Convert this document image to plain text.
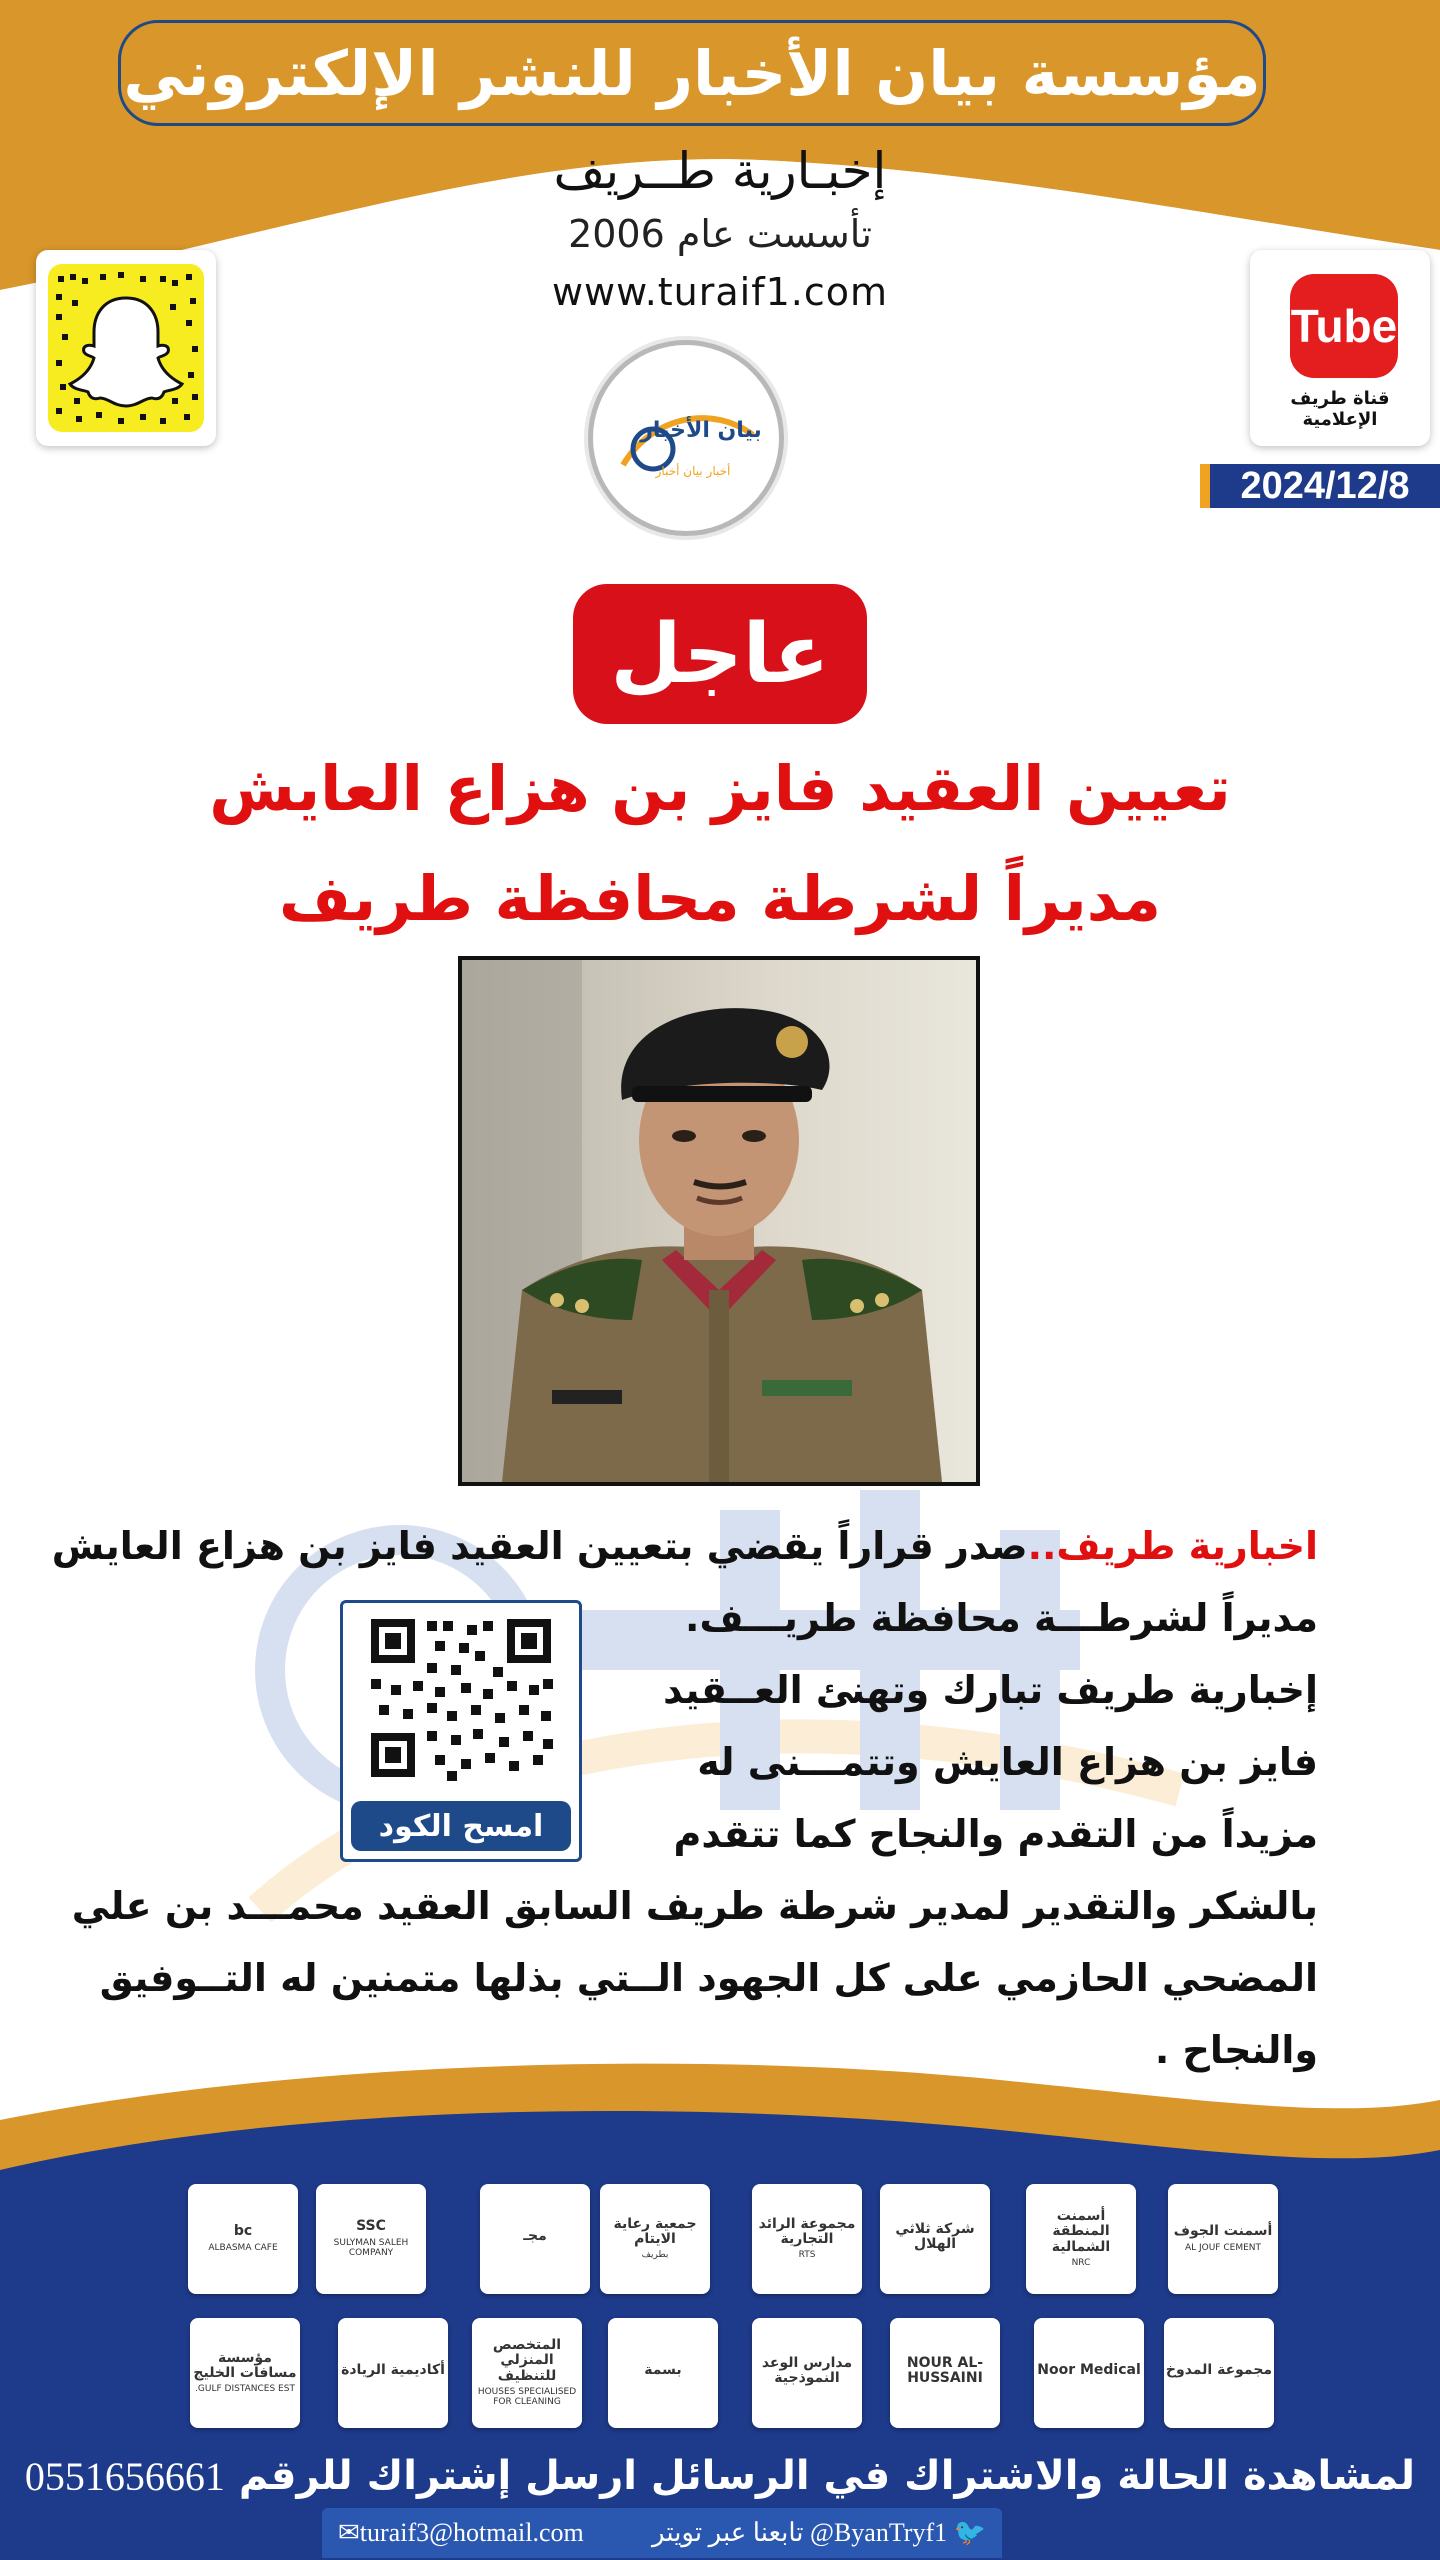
مؤسسة بيان الأخبار للنشر الإلكتروني
إخبـارية طــريف
تأسست عام 2006
www.turaif1.com
Tube
قناة طريف الإعلامية
بيان الأخبار
أخبار بيان أخبار	2024/12/8
عاجل
تعيين العقيد فايز بن هزاع العايش
مديراً لشرطة محافظة طريف
اخبارية طريف..صدر قراراً يقضي بتعيين العقيد فايز بن هزاع العايش
مديراً لشرطـــة محافظة طريـــف.
إخبارية طريف تبارك وتهنئ العــقيد
فايز بن هزاع العايش وتتمـــنى له
مزيداً من التقدم والنجاح كما تتقدم
بالشكر والتقدير لمدير شرطة طريف السابق العقيد محمـــد بن علي
المضحي الحازمي على كل الجهود الــتي بذلها متمنين له التــوفيق
والنجاح .
امسح الكود
أسمنت الجوف
AL JOUF CEMENT
أسمنت المنطقة الشمالية
NRC
شركة ثلاثي الهلال
مجموعة الرائد التجارية
RTS
جمعية رعاية الايتام
بطريف
مجـ
SSC
SULYMAN SALEH COMPANY
bc
ALBASMA CAFE
مجموعة المدوخ
Noor Medical
NOUR AL-HUSSAINI
مدارس الوعد النموذجية
بسمة
المتخصص المنزلي للتنظيف
HOUSES SPECIALISED FOR CLEANING
أكاديمية الريادة
مؤسسة مسافات الخليج
GULF DISTANCES EST.
لمشاهدة الحالة والاشتراك في الرسائل ارسل إشتراك للرقم
0551656661
✉turaif3@hotmail.com	تابعنا عبر تويتر @ByanTryf1 🐦
